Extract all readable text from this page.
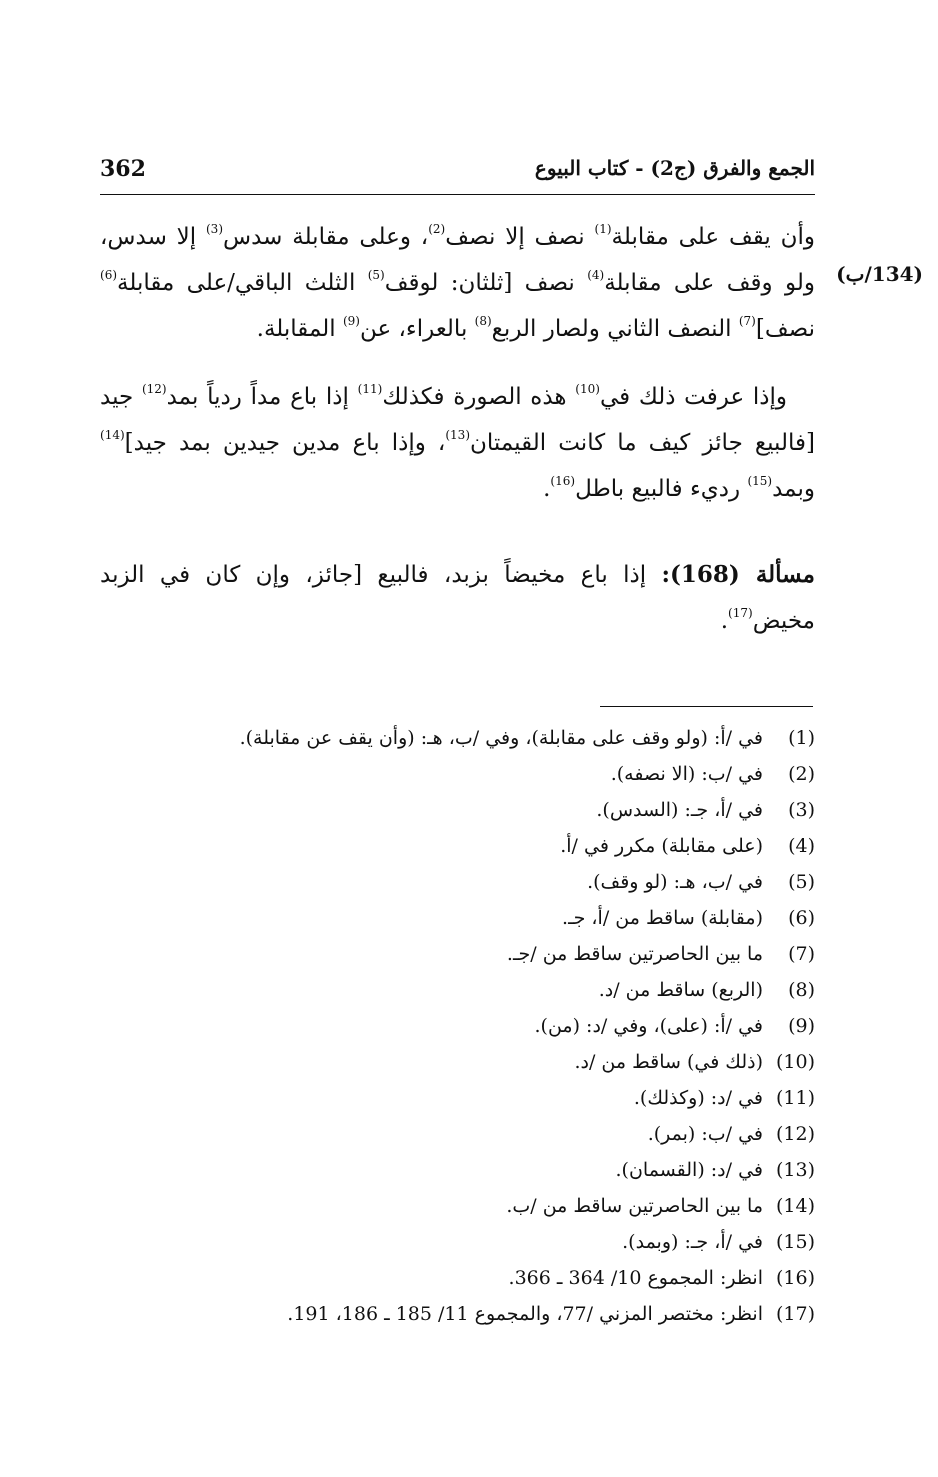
362	الجمع والفرق (ج2) - كتاب البيوع
(134/ب)

وأن يقف على مقابلة$^{(1)}$ نصف إلا نصف$^{(2)}$، وعلى مقابلة سدس$^{(3)}$ إلا سدس، ولو وقف على مقابلة$^{(4)}$ نصف [ثلثان: لوقف$^{(5)}$ الثلث الباقي/على مقابلة$^{(6)}$ نصف]$^{(7)}$ النصف الثاني ولصار الربع$^{(8)}$ بالعراء، عن$^{(9)}$ المقابلة.

وإذا عرفت ذلك في$^{(10)}$ هذه الصورة فكذلك$^{(11)}$ إذا باع مداً ردياً بمد$^{(12)}$ جيد [فالبيع جائز كيف ما كانت القيمتان$^{(13)}$، وإذا باع مدين جيدين بمد جيد]$^{(14)}$ وبمد$^{(15)}$ رديء فالبيع باطل$^{(16)}$.

مسألة (168): إذا باع مخيضاً بزبد، فالبيع [جائز، وإن كان في الزبد مخيض$^{(17)}$.

(1)
في /أ: (ولو وقف على مقابلة)، وفي /ب، هـ: (وأن يقف عن مقابلة).
(2)
في /ب: (الا نصفه).
(3)
في /أ، جـ: (السدس).
(4)
(على مقابلة) مكرر في /أ.
(5)
في /ب، هـ: (لو وقف).
(6)
(مقابلة) ساقط من /أ، جـ.
(7)
ما بين الحاصرتين ساقط من /جـ.
(8)
(الربع) ساقط من /د.
(9)
في /أ: (على)، وفي /د: (من).
(10)
(ذلك في) ساقط من /د.
(11)
في /د: (وكذلك).
(12)
في /ب: (بمر).
(13)
في /د: (القسمان).
(14)
ما بين الحاصرتين ساقط من /ب.
(15)
في /أ، جـ: (وبمد).
(16)
انظر: المجموع 10/ 364 ـ 366.
(17)
انظر: مختصر المزني /77، والمجموع 11/ 185 ـ 186، 191.
